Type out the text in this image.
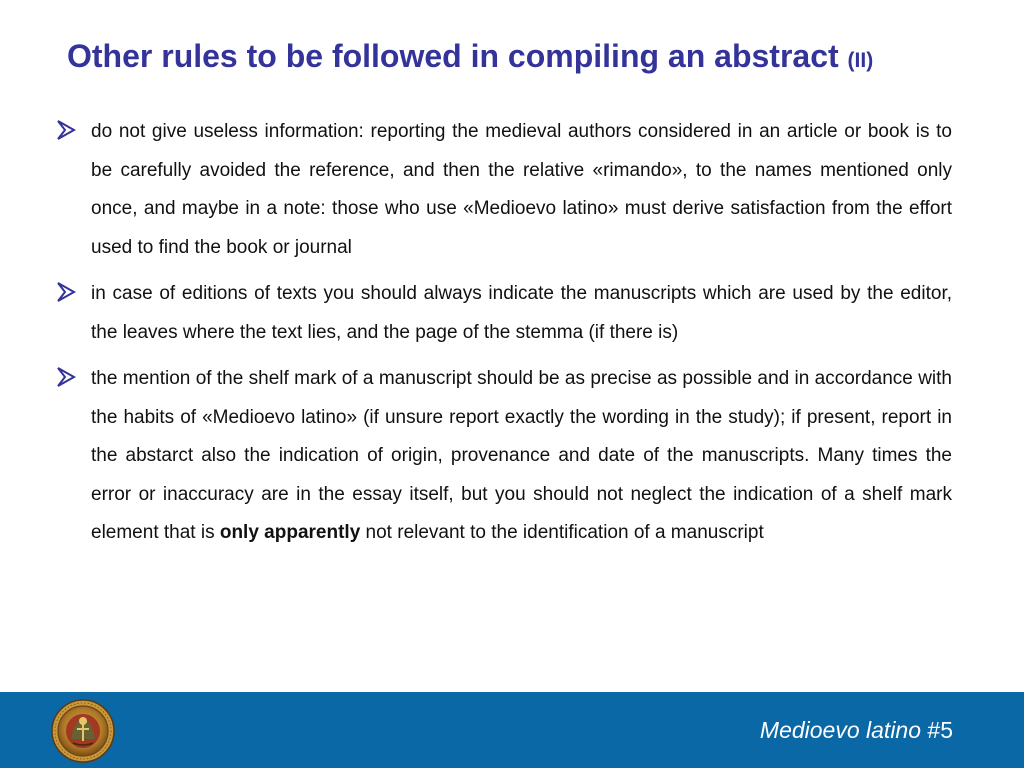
Other rules to be followed in compiling an abstract (II)

do not give useless information: reporting the medieval authors considered in an article or book is to be carefully avoided the reference, and then the relative «rimando», to the names mentioned only once, and maybe in a note: those who use «Medioevo latino» must derive satisfaction from the effort used to find the book or journal

in case of editions of texts you should always indicate the manuscripts which are used by the editor, the leaves where the text lies, and the page of the stemma (if there is)

the mention of the shelf mark of a manuscript should be as precise as possible and in accordance with the habits of «Medioevo latino» (if unsure report exactly the wording in the study); if present, report in the abstarct also the indication of origin, provenance and date of the manuscripts. Many times the error or inaccuracy are in the essay itself, but you should not neglect the indication of a shelf mark element that is only apparently not relevant to the identification of a manuscript

Medioevo latino #5
